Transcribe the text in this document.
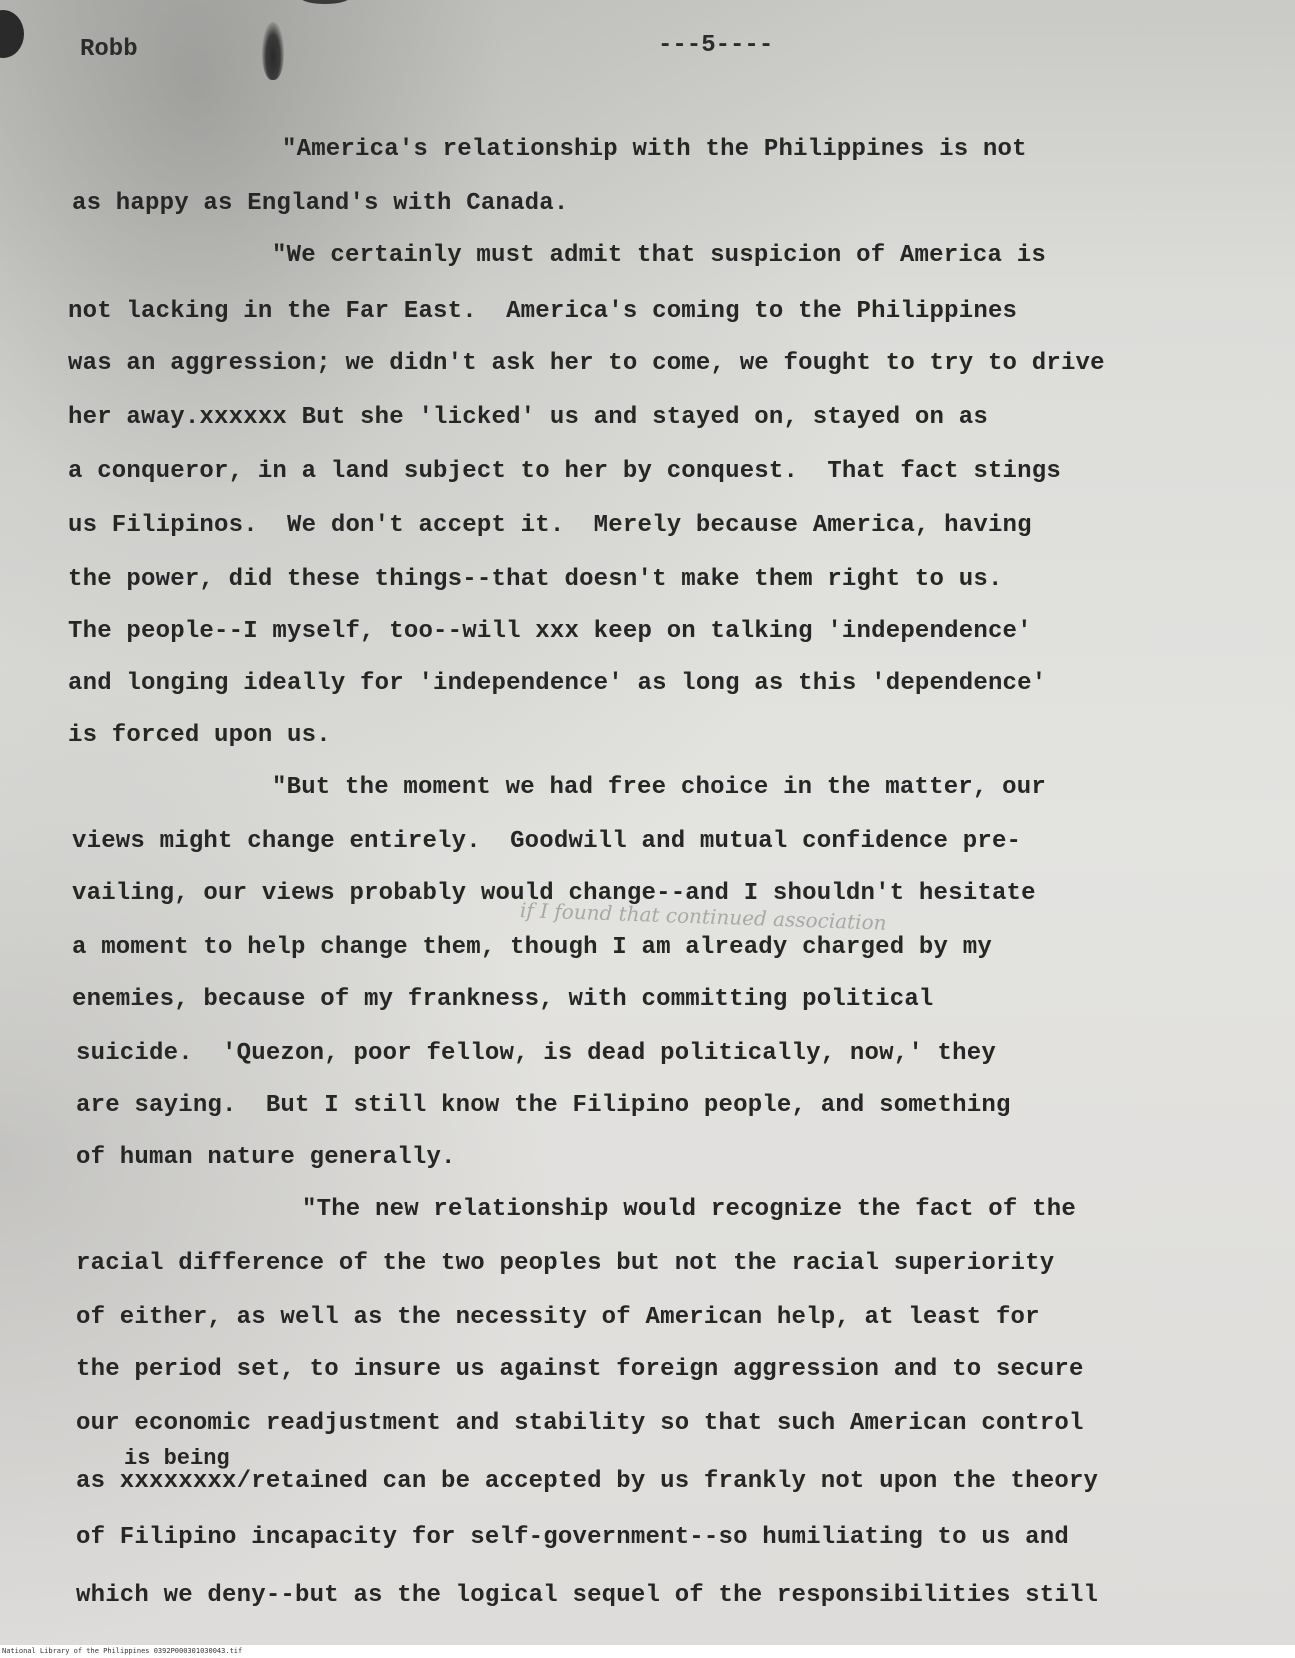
Robb	---5----
"America's relationship with the Philippines is not
as happy as England's with Canada.
"We certainly must admit that suspicion of America is
not lacking in the Far East.  America's coming to the Philippines
was an aggression; we didn't ask her to come, we fought to try to drive
her away.xxxxxx But she 'licked' us and stayed on, stayed on as
a conqueror, in a land subject to her by conquest.  That fact stings
us Filipinos.  We don't accept it.  Merely because America, having
the power, did these things--that doesn't make them right to us.
The people--I myself, too--will xxx keep on talking 'independence'
and longing ideally for 'independence' as long as this 'dependence'
is forced upon us.
"But the moment we had free choice in the matter, our
views might change entirely.  Goodwill and mutual confidence pre-
vailing, our views probably would change--and I shouldn't hesitate
if I found that continued association
a moment to help change them, though I am already charged by my
enemies, because of my frankness, with committing political
suicide.  'Quezon, poor fellow, is dead politically, now,' they
are saying.  But I still know the Filipino people, and something
of human nature generally.
"The new relationship would recognize the fact of the
racial difference of the two peoples but not the racial superiority
of either, as well as the necessity of American help, at least for
the period set, to insure us against foreign aggression and to secure
our economic readjustment and stability so that such American control
is being
as xxxxxxxx/retained can be accepted by us frankly not upon the theory
of Filipino incapacity for self-government--so humiliating to us and
which we deny--but as the logical sequel of the responsibilities still
National Library of the Philippines 0392P000301030043.tif
